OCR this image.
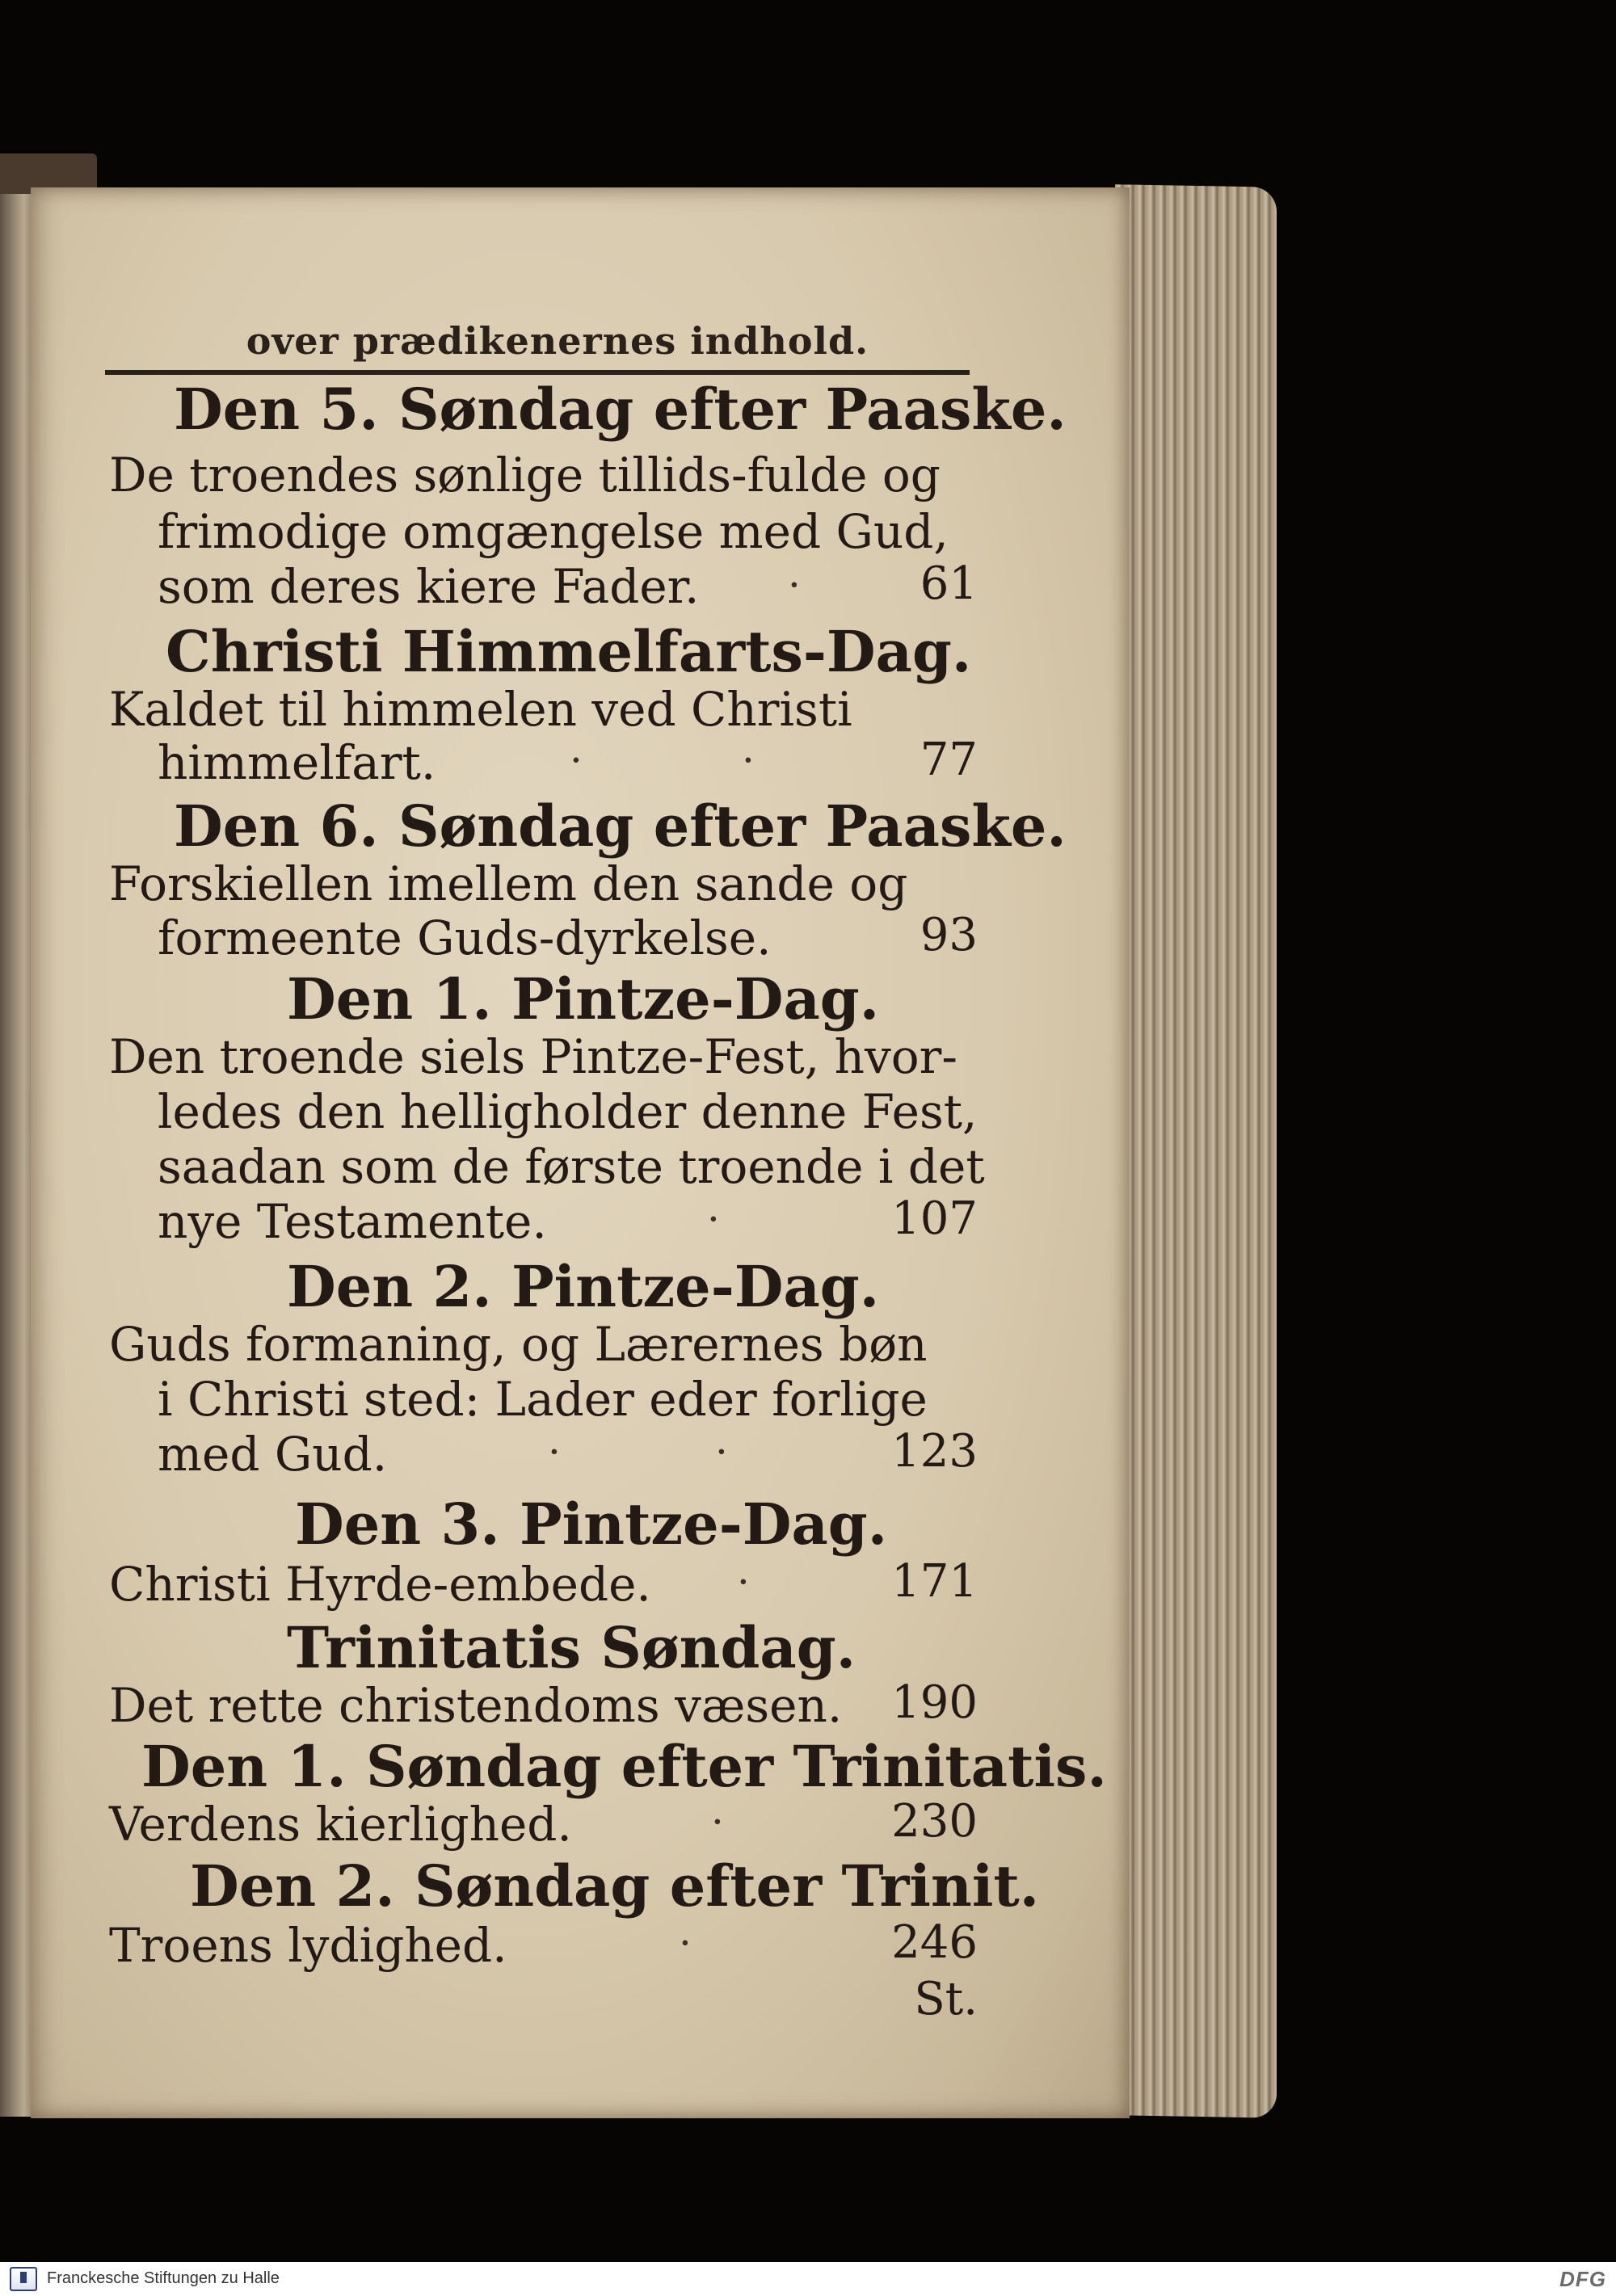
over prædikenernes indhold.
Den 5. Søndag efter Paaske.
De troendes sønlige tillids-fulde og
frimodige omgængelse med Gud,
som deres kiere Fader. ·	61
Christi Himmelfarts-Dag.
Kaldet til himmelen ved Christi
himmelfart.	·	·	77
Den 6. Søndag efter Paaske.
Forskiellen imellem den sande og
formeente Guds-dyrkelse.	93
Den 1. Pintze-Dag.
Den troende siels Pintze-Fest, hvor-
ledes den helligholder denne Fest,
saadan som de første troende i det
nye Testamente.	·	107
Den 2. Pintze-Dag.
Guds formaning, og Lærernes bøn
i Christi sted: Lader eder forlige
med Gud.	·	·	123
Den 3. Pintze-Dag.
Christi Hyrde-embede. ·	171
Trinitatis Søndag.
Det rette christendoms væsen.	190
Den 1. Søndag efter Trinitatis.
Verdens kierlighed.	·	230
Den 2. Søndag efter Trinit.
Troens lydighed.	·	246
St.
Franckesche Stiftungen zu Halle	DFG
